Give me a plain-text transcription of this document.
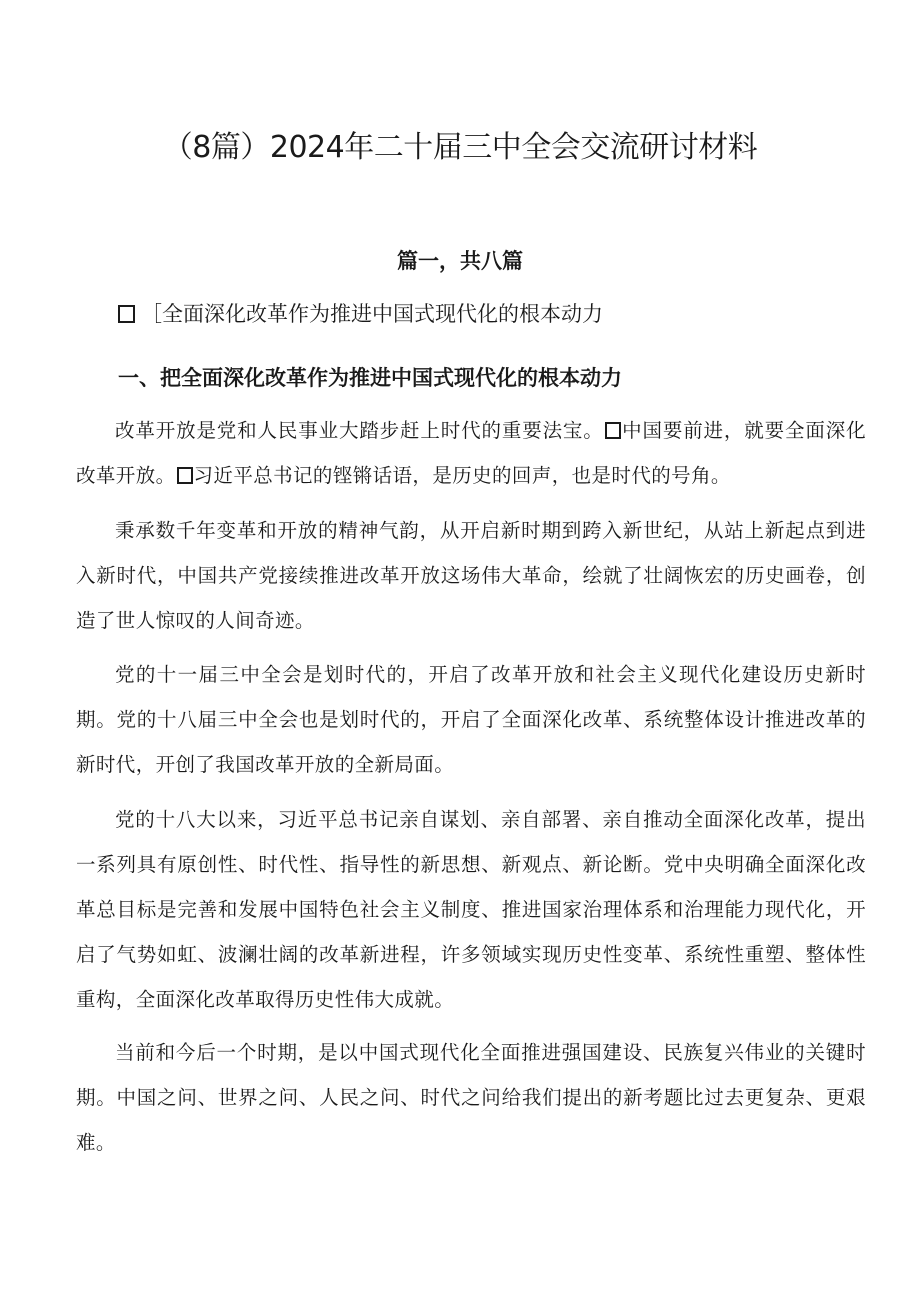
（8篇）2024年二十届三中全会交流研讨材料
篇一，共八篇
［全面深化改革作为推进中国式现代化的根本动力
一、把全面深化改革作为推进中国式现代化的根本动力

改革开放是党和人民事业大踏步赶上时代的重要法宝。 中国要前进，就要全面深化改革开放。 习近平总书记的铿锵话语，是历史的回声，也是时代的号角。

秉承数千年变革和开放的精神气韵，从开启新时期到跨入新世纪，从站上新起点到进入新时代，中国共产党接续推进改革开放这场伟大革命，绘就了壮阔恢宏的历史画卷，创造了世人惊叹的人间奇迹。

党的十一届三中全会是划时代的，开启了改革开放和社会主义现代化建设历史新时期。党的十八届三中全会也是划时代的，开启了全面深化改革、系统整体设计推进改革的新时代，开创了我国改革开放的全新局面。

党的十八大以来，习近平总书记亲自谋划、亲自部署、亲自推动全面深化改革，提出一系列具有原创性、时代性、指导性的新思想、新观点、新论断。党中央明确全面深化改革总目标是完善和发展中国特色社会主义制度、推进国家治理体系和治理能力现代化，开启了气势如虹、波澜壮阔的改革新进程，许多领域实现历史性变革、系统性重塑、整体性重构，全面深化改革取得历史性伟大成就。

当前和今后一个时期，是以中国式现代化全面推进强国建设、民族复兴伟业的关键时期。中国之问、世界之问、人民之问、时代之问给我们提出的新考题比过去更复杂、更艰难。
